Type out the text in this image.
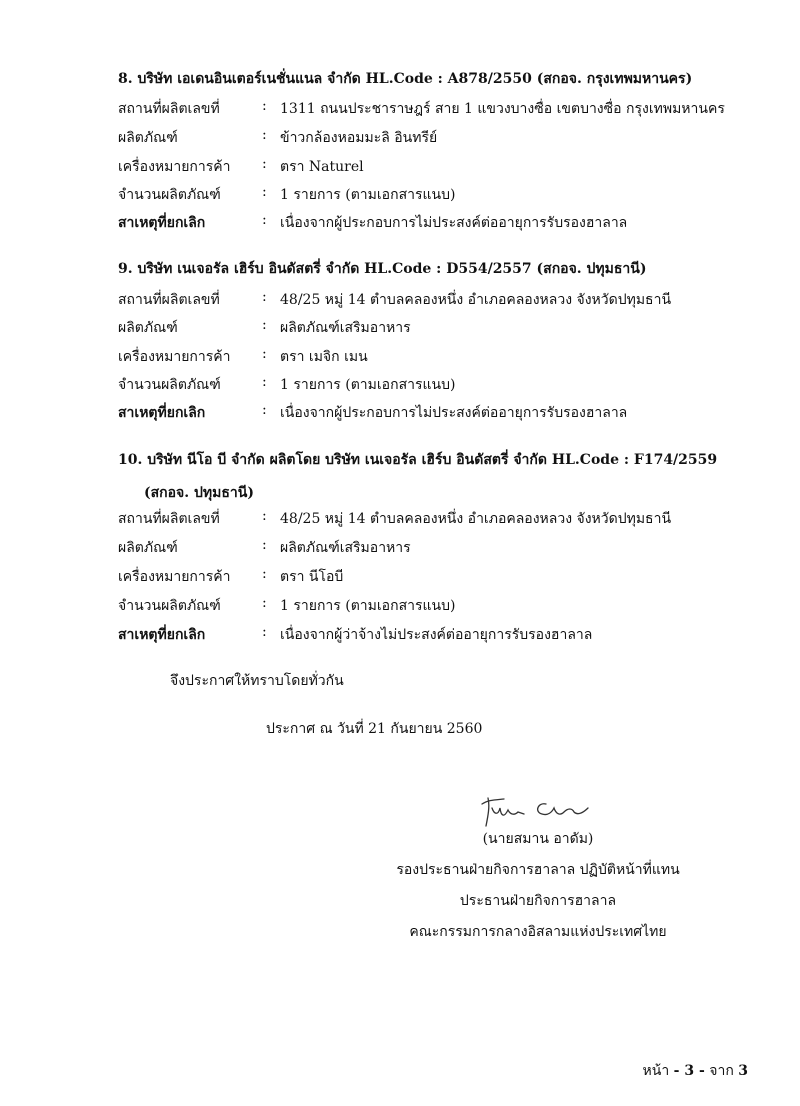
8. บริษัท เอเดนอินเตอร์เนชั่นแนล จำกัด HL.Code : A878/2550 (สกอจ. กรุงเทพมหานคร)
สถานที่ผลิตเลขที่	: 1311 ถนนประชาราษฎร์ สาย 1 แขวงบางซื่อ เขตบางซื่อ กรุงเทพมหานคร
ผลิตภัณฑ์	: ข้าวกล้องหอมมะลิ อินทรีย์
เครื่องหมายการค้า : ตรา Naturel
จำนวนผลิตภัณฑ์	: 1 รายการ (ตามเอกสารแนบ)
สาเหตุที่ยกเลิก	: เนื่องจากผู้ประกอบการไม่ประสงค์ต่ออายุการรับรองฮาลาล
9. บริษัท เนเจอรัล เฮิร์บ อินดัสตรี่ จำกัด HL.Code : D554/2557 (สกอจ. ปทุมธานี)
สถานที่ผลิตเลขที่	: 48/25 หมู่ 14 ตำบลคลองหนึ่ง อำเภอคลองหลวง จังหวัดปทุมธานี
ผลิตภัณฑ์	: ผลิตภัณฑ์เสริมอาหาร
เครื่องหมายการค้า : ตรา เมจิก เมน
จำนวนผลิตภัณฑ์	: 1 รายการ (ตามเอกสารแนบ)
สาเหตุที่ยกเลิก	: เนื่องจากผู้ประกอบการไม่ประสงค์ต่ออายุการรับรองฮาลาล
10. บริษัท นีโอ บี จำกัด ผลิตโดย บริษัท เนเจอรัล เฮิร์บ อินดัสตรี่ จำกัด HL.Code : F174/2559
(สกอจ. ปทุมธานี)
สถานที่ผลิตเลขที่	: 48/25 หมู่ 14 ตำบลคลองหนึ่ง อำเภอคลองหลวง จังหวัดปทุมธานี
ผลิตภัณฑ์	: ผลิตภัณฑ์เสริมอาหาร
เครื่องหมายการค้า : ตรา นีโอบี
จำนวนผลิตภัณฑ์	: 1 รายการ (ตามเอกสารแนบ)
สาเหตุที่ยกเลิก	: เนื่องจากผู้ว่าจ้างไม่ประสงค์ต่ออายุการรับรองฮาลาล
จึงประกาศให้ทราบโดยทั่วกัน
ประกาศ ณ วันที่ 21 กันยายน 2560
(นายสมาน อาดัม)
รองประธานฝ่ายกิจการฮาลาล ปฏิบัติหน้าที่แทน
ประธานฝ่ายกิจการฮาลาล
คณะกรรมการกลางอิสลามแห่งประเทศไทย
หน้า - 3 - จาก 3
